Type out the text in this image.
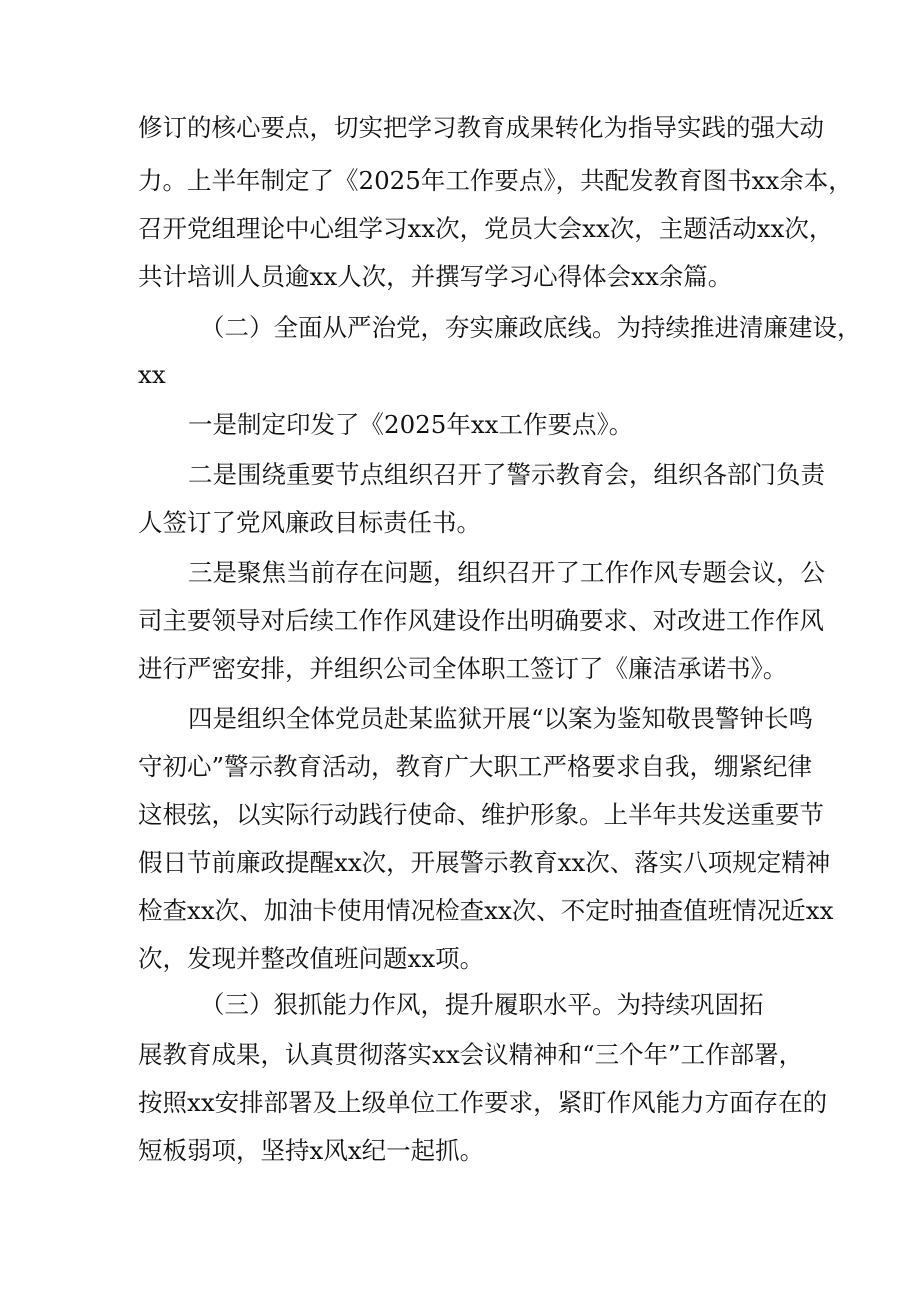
修订的核心要点，切实把学习教育成果转化为指导实践的强大动
力。上半年制定了《2025年工作要点》，共配发教育图书xx余本，
召开党组理论中心组学习xx次，党员大会xx次，主题活动xx次，
共计培训人员逾xx人次，并撰写学习心得体会xx余篇。
（二）全面从严治党，夯实廉政底线。为持续推进清廉建设，
xx
一是制定印发了《2025年xx工作要点》。
二是围绕重要节点组织召开了警示教育会，组织各部门负责
人签订了党风廉政目标责任书。
三是聚焦当前存在问题，组织召开了工作作风专题会议，公
司主要领导对后续工作作风建设作出明确要求、对改进工作作风
进行严密安排，并组织公司全体职工签订了《廉洁承诺书》。
四是组织全体党员赴某监狱开展“以案为鉴知敬畏警钟长鸣
守初心”警示教育活动，教育广大职工严格要求自我，绷紧纪律
这根弦，以实际行动践行使命、维护形象。上半年共发送重要节
假日节前廉政提醒xx次，开展警示教育xx次、落实八项规定精神
检查xx次、加油卡使用情况检查xx次、不定时抽查值班情况近xx
次，发现并整改值班问题xx项。
（三）狠抓能力作风，提升履职水平。为持续巩固拓
展教育成果，认真贯彻落实xx会议精神和“三个年”工作部署，
按照xx安排部署及上级单位工作要求，紧盯作风能力方面存在的
短板弱项，坚持x风x纪一起抓。
